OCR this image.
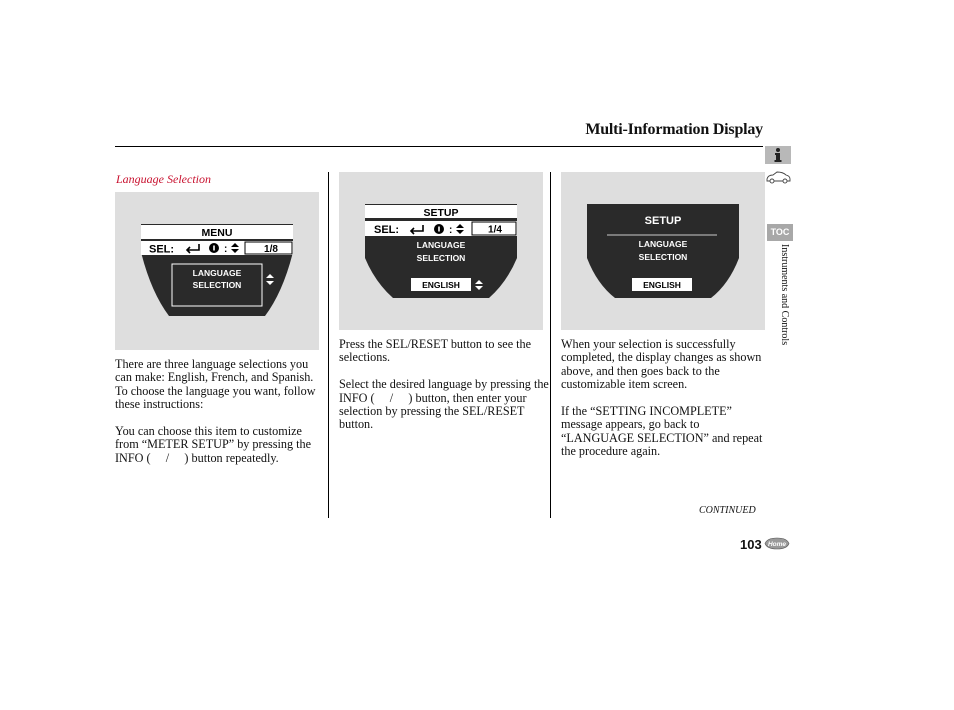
Multi-Information Display
Language Selection
MENU
SEL:	:	1/8
LANGUAGE
SELECTION
SETUP
SEL:	:	1/4
LANGUAGE
SELECTION
ENGLISH
SETUP
LANGUAGE
SELECTION
ENGLISH

There are three language selections you can make: English, French, and Spanish. To choose the language you want, follow these instructions:

You can choose this item to customize from “METER SETUP” by pressing the INFO (  /  ) button repeatedly.

Press the SEL/RESET button to see the selections.

Select the desired language by pressing the INFO (  /  ) button, then enter your selection by pressing the SEL/RESET button.

When your selection is successfully completed, the display changes as shown above, and then goes back to the customizable item screen.

If the “SETTING INCOMPLETE” message appears, go back to “LANGUAGE SELECTION” and repeat the procedure again.

CONTINUED
103 Home
TOC
Instruments and Controls
